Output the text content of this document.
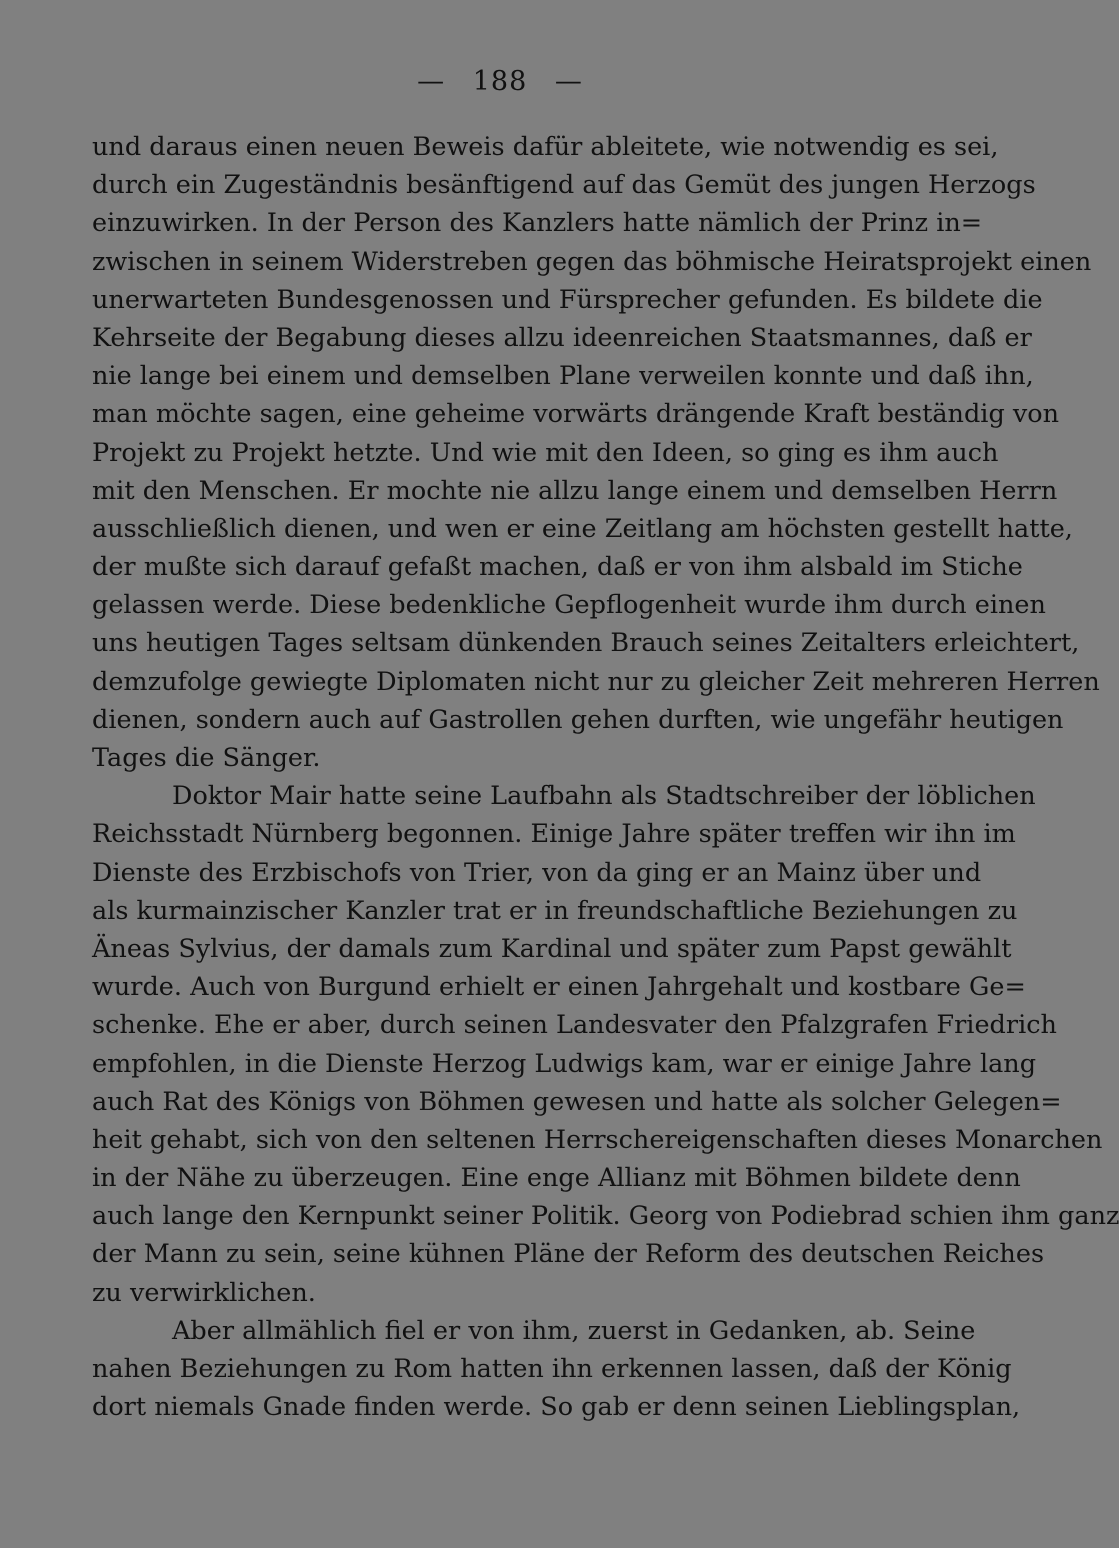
— 188 —
und daraus einen neuen Beweis dafür ableitete, wie notwendig es sei,
durch ein Zugeständnis besänftigend auf das Gemüt des jungen Herzogs
einzuwirken. In der Person des Kanzlers hatte nämlich der Prinz in=
zwischen in seinem Widerstreben gegen das böhmische Heiratsprojekt einen
unerwarteten Bundesgenossen und Fürsprecher gefunden. Es bildete die
Kehrseite der Begabung dieses allzu ideenreichen Staatsmannes, daß er
nie lange bei einem und demselben Plane verweilen konnte und daß ihn,
man möchte sagen, eine geheime vorwärts drängende Kraft beständig von
Projekt zu Projekt hetzte. Und wie mit den Ideen, so ging es ihm auch
mit den Menschen. Er mochte nie allzu lange einem und demselben Herrn
ausschließlich dienen, und wen er eine Zeitlang am höchsten gestellt hatte,
der mußte sich darauf gefaßt machen, daß er von ihm alsbald im Stiche
gelassen werde. Diese bedenkliche Gepflogenheit wurde ihm durch einen
uns heutigen Tages seltsam dünkenden Brauch seines Zeitalters erleichtert,
demzufolge gewiegte Diplomaten nicht nur zu gleicher Zeit mehreren Herren
dienen, sondern auch auf Gastrollen gehen durften, wie ungefähr heutigen
Tages die Sänger.
Doktor Mair hatte seine Laufbahn als Stadtschreiber der löblichen
Reichsstadt Nürnberg begonnen. Einige Jahre später treffen wir ihn im
Dienste des Erzbischofs von Trier, von da ging er an Mainz über und
als kurmainzischer Kanzler trat er in freundschaftliche Beziehungen zu
Äneas Sylvius, der damals zum Kardinal und später zum Papst gewählt
wurde. Auch von Burgund erhielt er einen Jahrgehalt und kostbare Ge=
schenke. Ehe er aber, durch seinen Landesvater den Pfalzgrafen Friedrich
empfohlen, in die Dienste Herzog Ludwigs kam, war er einige Jahre lang
auch Rat des Königs von Böhmen gewesen und hatte als solcher Gelegen=
heit gehabt, sich von den seltenen Herrschereigenschaften dieses Monarchen
in der Nähe zu überzeugen. Eine enge Allianz mit Böhmen bildete denn
auch lange den Kernpunkt seiner Politik. Georg von Podiebrad schien ihm ganz
der Mann zu sein, seine kühnen Pläne der Reform des deutschen Reiches
zu verwirklichen.
Aber allmählich fiel er von ihm, zuerst in Gedanken, ab. Seine
nahen Beziehungen zu Rom hatten ihn erkennen lassen, daß der König
dort niemals Gnade finden werde. So gab er denn seinen Lieblingsplan,
